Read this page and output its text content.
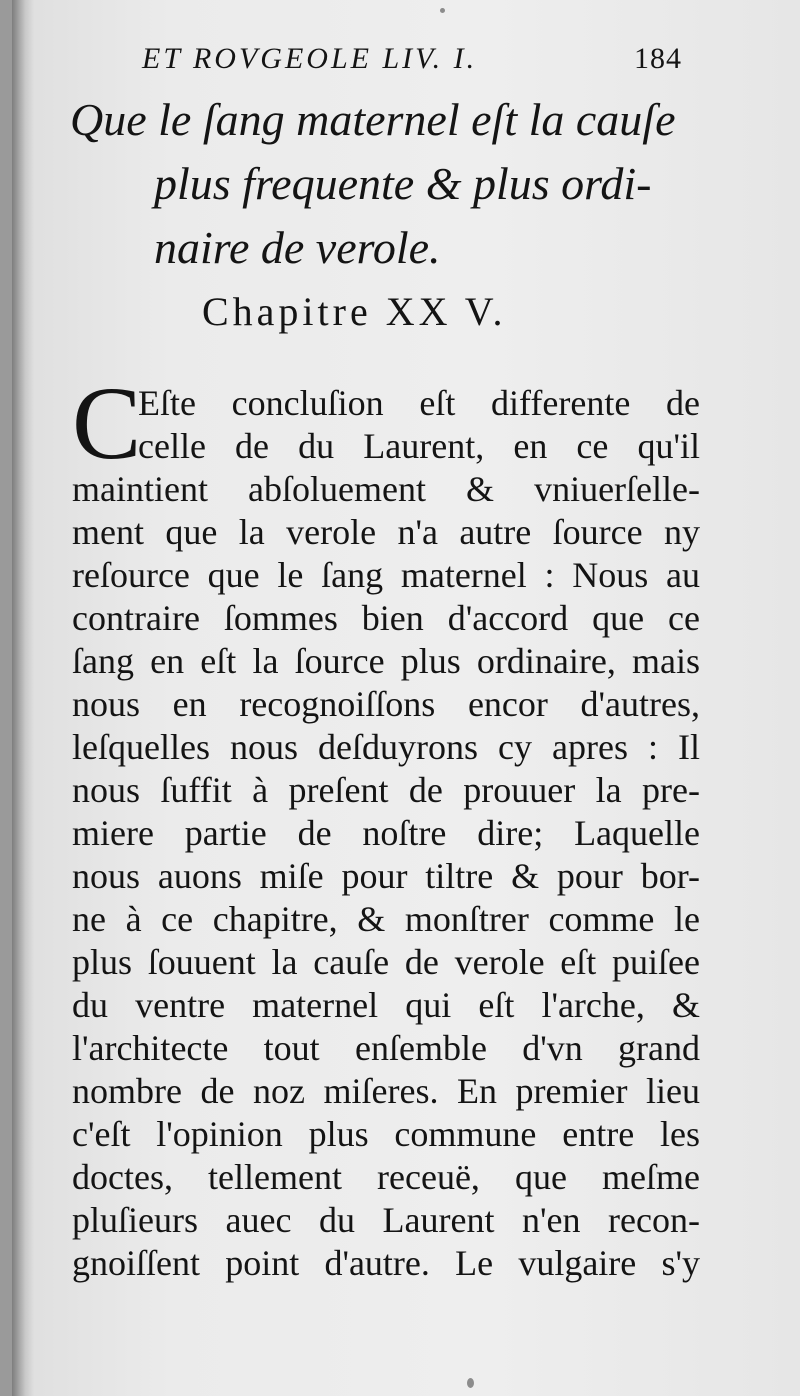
ET ROVGEOLE LIV. I.	184
Que le ſang maternel eſt la cauſe
plus frequente & plus ordi-
naire de verole.
Chapitre XX V.
C
Eſte concluſion eſt differente de
celle de du Laurent, en ce qu'il
maintient abſoluement & vniuerſelle-
ment que la verole n'a autre ſource ny
reſource que le ſang maternel : Nous au
contraire ſommes bien d'accord que ce
ſang en eſt la ſource plus ordinaire, mais
nous en recognoiſſons encor d'autres,
leſquelles nous deſduyrons cy apres : Il
nous ſuffit à preſent de prouuer la pre-
miere partie de noſtre dire; Laquelle
nous auons miſe pour tiltre & pour bor-
ne à ce chapitre, & monſtrer comme le
plus ſouuent la cauſe de verole eſt puiſee
du ventre maternel qui eſt l'arche, &
l'architecte tout enſemble d'vn grand
nombre de noz miſeres. En premier lieu
c'eſt l'opinion plus commune entre les
doctes, tellement receuë, que meſme
pluſieurs auec du Laurent n'en recon-
gnoiſſent point d'autre. Le vulgaire s'y
